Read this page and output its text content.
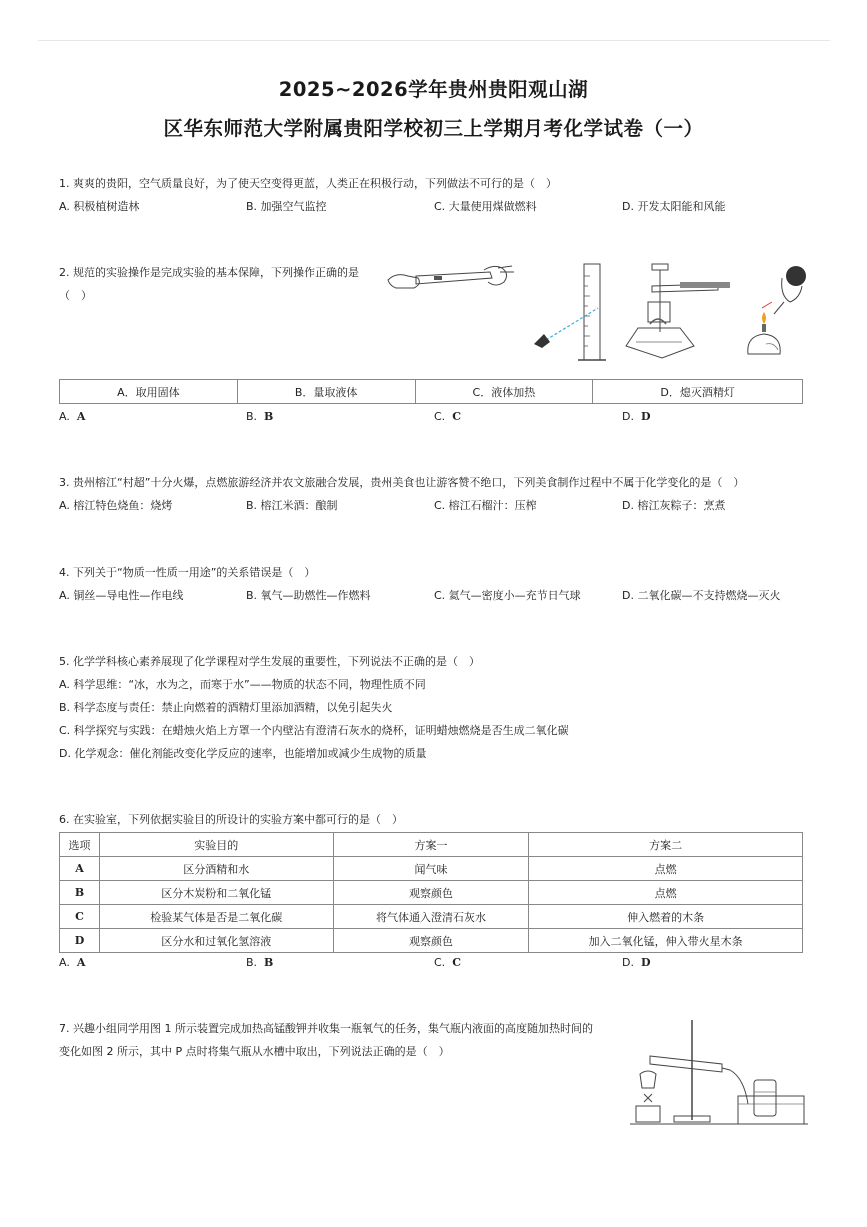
2025~2026学年贵州贵阳观山湖
区华东师范大学附属贵阳学校初三上学期月考化学试卷（一）
1. 爽爽的贵阳，空气质量良好，为了使天空变得更蓝，人类正在积极行动，下列做法不可行的是（　）
A. 积极植树造林	B. 加强空气监控	C. 大量使用煤做燃料	D. 开发太阳能和风能
2. 规范的实验操作是完成实验的基本保障，下列操作正确的是
（　）
A．取用固体	B．量取液体	C．液体加热	D．熄灭酒精灯
A. A	B. B	C. C	D. D
3. 贵州榕江“村超”十分火爆，点燃旅游经济并农文旅融合发展，贵州美食也让游客赞不绝口，下列美食制作过程中不属于化学变化的是（　）
A. 榕江特色烧鱼：烧烤	B. 榕江米酒：酿制	C. 榕江石榴汁：压榨	D. 榕江灰粽子：烹煮
4. 下列关于“物质一性质一用途”的关系错误是（　）
A. 铜丝—导电性—作电线	B. 氧气—助燃性—作燃料	C. 氦气—密度小—充节日气球	D. 二氧化碳—不支持燃烧—灭火
5. 化学学科核心素养展现了化学课程对学生发展的重要性，下列说法不正确的是（　）
A. 科学思维：“冰，水为之，而寒于水”——物质的状态不同，物理性质不同
B. 科学态度与责任：禁止向燃着的酒精灯里添加酒精，以免引起失火
C. 科学探究与实践：在蜡烛火焰上方罩一个内壁沾有澄清石灰水的烧杯，证明蜡烛燃烧是否生成二氧化碳
D. 化学观念：催化剂能改变化学反应的速率，也能增加或减少生成物的质量
6. 在实验室，下列依据实验目的所设计的实验方案中都可行的是（　）
选项	实验目的	方案一	方案二
A	区分酒精和水	闻气味	点燃
B	区分木炭粉和二氧化锰	观察颜色	点燃
C	检验某气体是否是二氧化碳	将气体通入澄清石灰水	伸入燃着的木条
D	区分水和过氧化氢溶液	观察颜色	加入二氧化锰，伸入带火星木条
A. A	B. B	C. C	D. D
7. 兴趣小组同学用图 1 所示装置完成加热高锰酸钾并收集一瓶氧气的任务，集气瓶内液面的高度随加热时间的
变化如图 2 所示，其中 P 点时将集气瓶从水槽中取出，下列说法正确的是（　）
